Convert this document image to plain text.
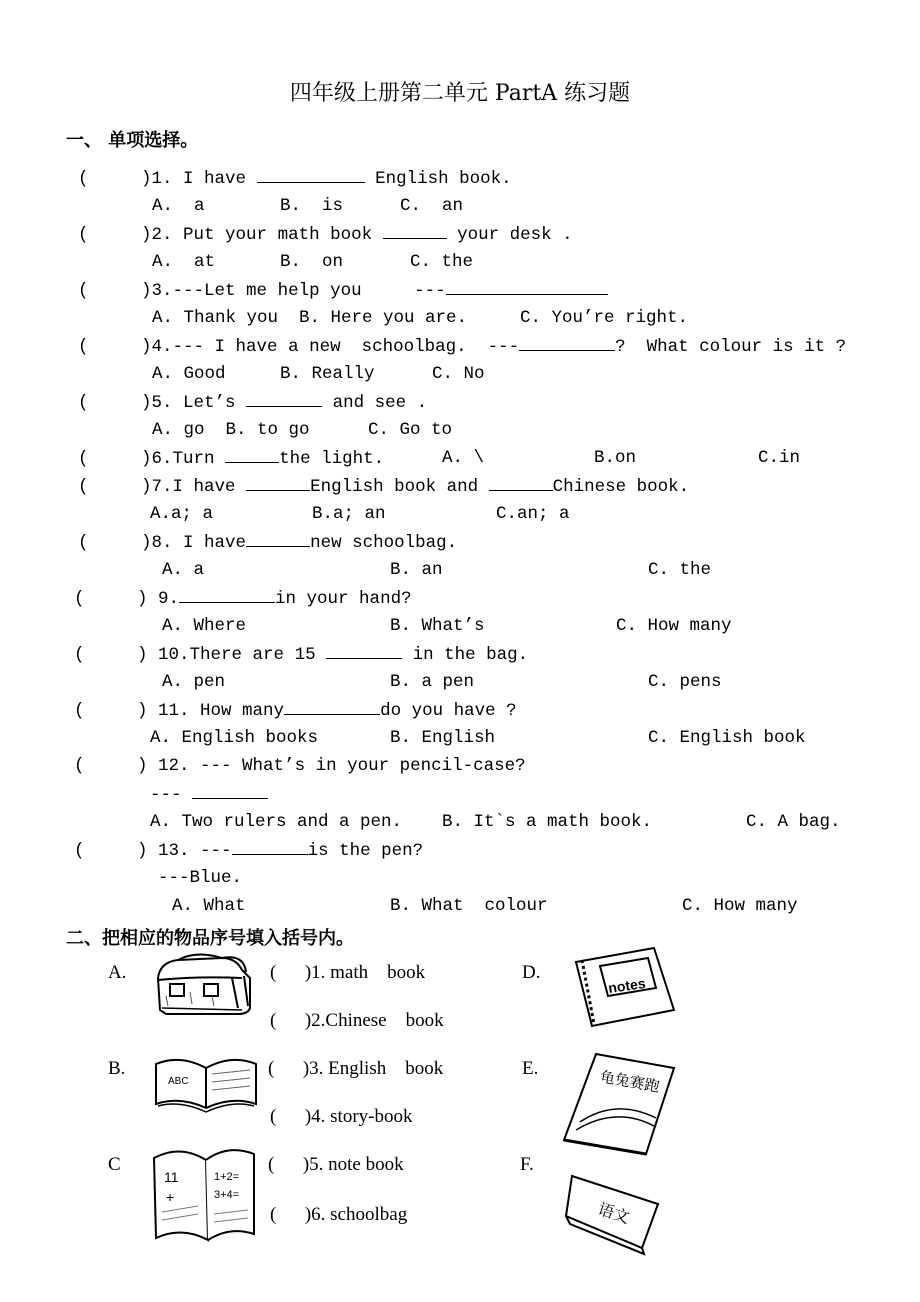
四年级上册第二单元 PartA 练习题
一、 单项选择。
(	)1. I have	English book.
A.  a	B.  is	C.  an
(	)2. Put your math book	your desk .
A.  at	B.  on	C. the
(	)3.---Let me help you     ---
A. Thank you  B. Here you are.	C. You’re right.
(	)4.--- I have a new  schoolbag.  ---	?  What colour is it ?
A. Good	B. Really	C. No
(	)5. Let’s	and see .
A. go  B. to go	C. Go to
(	)6.Turn	the light.	A. \	B.on	C.in
(	)7.I have	English book and	Chinese book.
A.a; a	B.a; an	C.an; a
(	)8. I have	new schoolbag.
A. a	B. an	C. the
(	) 9.	in your hand?
A. Where	B. What’s	C. How many
(	) 10.There are 15	in the bag.
A. pen	B. a pen	C. pens
(	) 11. How many	do you have ?
A. English books	B. English	C. English book
(	) 12. --- What’s in your pencil-case?
---
A. Two rulers and a pen. B. It`s a math book.	C. A bag.
(	) 13. ---	is the pen?
---Blue.
A. What	B. What  colour	C. How many
二、把相应的物品序号填入括号内。
A.
B.
C
D.
E.
F.
(      )1. math    book
(      )2.Chinese    book
(      )3. English    book
(      )4. story-book
(      )5. note book
(      )6. schoolbag
ABC
11
+
1+2=
3+4=
notes
龟兔赛跑
语文
